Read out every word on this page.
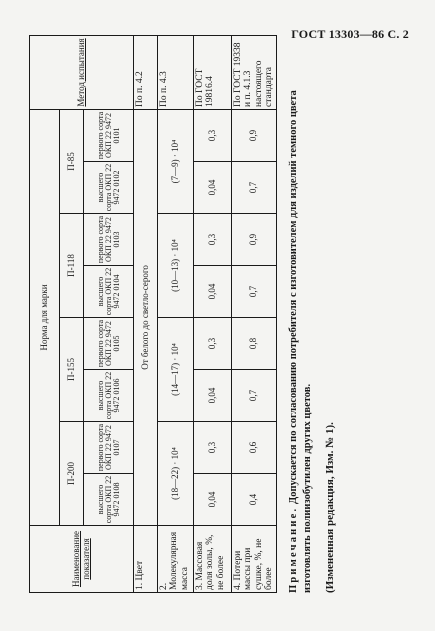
ГОСТ 13303—86 С. 2
Наименование показателя	Норма для марки								Метод испытания
	П-200		П-155		П-118		П-85		
	высшего сорта ОКП 22 9472 0108	первого сорта ОКП 22 9472 0107	высшего сорта ОКП 22 9472 0106	первого сорта ОКП 22 9472 0105	высшего сорта ОКП 22 9472 0104	первого сорта ОКП 22 9472 0103	высшего сорта ОКП 22 9472 0102	первого сорта ОКП 22 9472 0101	
1. Цвет	От белого до светло-серого								По п. 4.2
2. Молекулярная масса	(18—22) · 10⁴		(14—17) · 10⁴		(10—13) · 10⁴		(7—9) · 10⁴		По п. 4.3
3. Массовая доля золы, %, не более	0,04	0,3	0,04	0,3	0,04	0,3	0,04	0,3	По ГОСТ 19816.4
4. Потери массы при сушке, %, не более	0,4	0,6	0,7	0,8	0,7	0,9	0,7	0,9	По ГОСТ 19338 и п. 4.1.3 настоящего стандарта

Примечание. Допускается по согласованию потребителя с изготовителем для изделий темного цвета изготовлять полиизобутилен других цветов. (Измененная редакция, Изм. № 1).
